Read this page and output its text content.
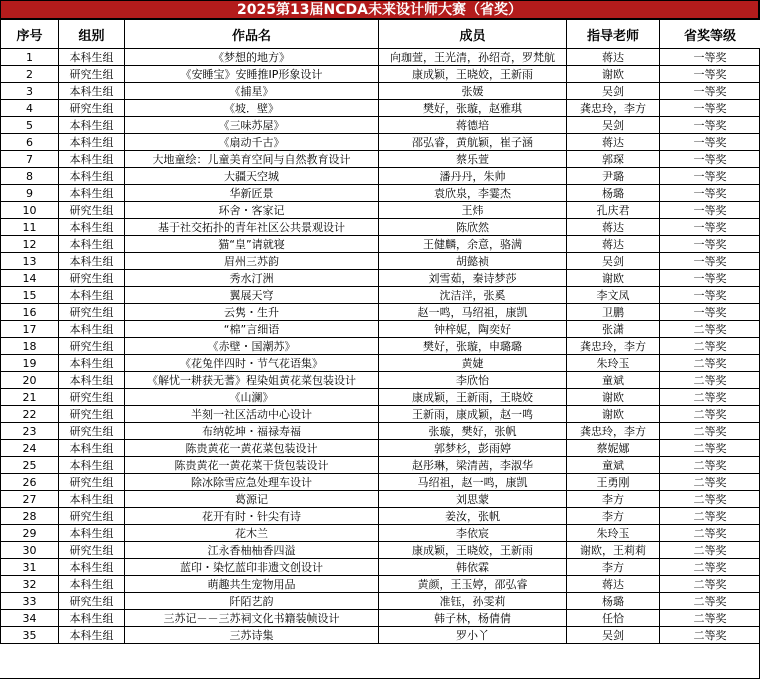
2025第13届NCDA未来设计师大赛（省奖）
序号	组别	作品名	成员	指导老师	省奖等级
1	本科生组	《梦想的地方》	向珈萱，王光清，孙绍奇，罗梵航	蒋达	一等奖
2	研究生组	《安睡宝》安睡推IP形象设计	康成颖，王晓姣，王新雨	谢欧	一等奖
3	本科生组	《捕星》	张媛	吴剑	一等奖
4	研究生组	《坡．壁》	樊好，张璇，赵雅琪	龚忠玲，李方	一等奖
5	本科生组	《三味苏屋》	蒋德培	吴剑	一等奖
6	本科生组	《扇动千古》	邵弘睿，黄航颖，崔子涵	蒋达	一等奖
7	本科生组	大地童绘：儿童美育空间与自然教育设计	蔡乐萱	郭琛	一等奖
8	本科生组	大疆天空城	潘丹丹，朱帅	尹璐	一等奖
9	本科生组	华新匠景	袁欣泉，李霎杰	杨璐	一等奖
10	研究生组	环舍・客家记	王炜	孔庆君	一等奖
11	本科生组	基于社交拓扑的青年社区公共景观设计	陈欣然	蒋达	一等奖
12	本科生组	猫“皇”请就寝	王健麟，余意，骆满	蒋达	一等奖
13	本科生组	眉州三苏韵	胡懿祯	吴剑	一等奖
14	研究生组	秀水汀洲	刘雪茹，秦诗梦莎	谢欧	一等奖
15	本科生组	翼展天穹	沈洁洋，张奚	李文凤	一等奖
16	研究生组	云隽・生升	赵一鸣，马绍祖，康凯	卫鹏	一等奖
17	本科生组	“棉”言细语	钟梓妮，陶奕好	张潇	二等奖
18	研究生组	《赤壁・国潮苏》	樊好，张璇，申璐璐	龚忠玲，李方	二等奖
19	本科生组	《花兔伴四时・节气花语集》	黄婕	朱玲玉	二等奖
20	本科生组	《解忧一耕获无蓍》程染姐黄花菜包装设计	李欣怡	童斌	二等奖
21	研究生组	《山澜》	康成颖，王新雨，王晓姣	谢欧	二等奖
22	研究生组	半刻一社区活动中心设计	王新雨，康成颖，赵一鸣	谢欧	二等奖
23	研究生组	布纳乾坤・福禄寿福	张璇，樊好，张帆	龚忠玲，李方	二等奖
24	本科生组	陈贵黄花一黄花菜包装设计	郭梦杉，彭雨婷	蔡妮娜	二等奖
25	本科生组	陈贵黄花一黄花菜干货包装设计	赵彤琳，梁清茜，李淑华	童斌	二等奖
26	研究生组	除冰除雪应急处理车设计	马绍祖，赵一鸣，康凯	王勇刚	二等奖
27	本科生组	葛源记	刘思蒙	李方	二等奖
28	研究生组	花开有时・针尖有诗	姜汝，张帆	李方	二等奖
29	本科生组	花木兰	李依宸	朱玲玉	二等奖
30	研究生组	江永香柚柚香四溢	康成颖，王晓姣，王新雨	谢欧，王莉莉	二等奖
31	本科生组	蓝印・染忆蓝印非遗文创设计	韩依霖	李方	二等奖
32	本科生组	萌趣共生宠物用品	黄颜，王玉婷，邵弘睿	蒋达	二等奖
33	研究生组	阡陌艺韵	准钰，孙雯莉	杨璐	二等奖
34	本科生组	三苏记－－三苏祠文化书籍装帧设计	韩子林，杨倩倩	任恰	二等奖
35	本科生组	三苏诗集	罗小丫	吴剑	二等奖
